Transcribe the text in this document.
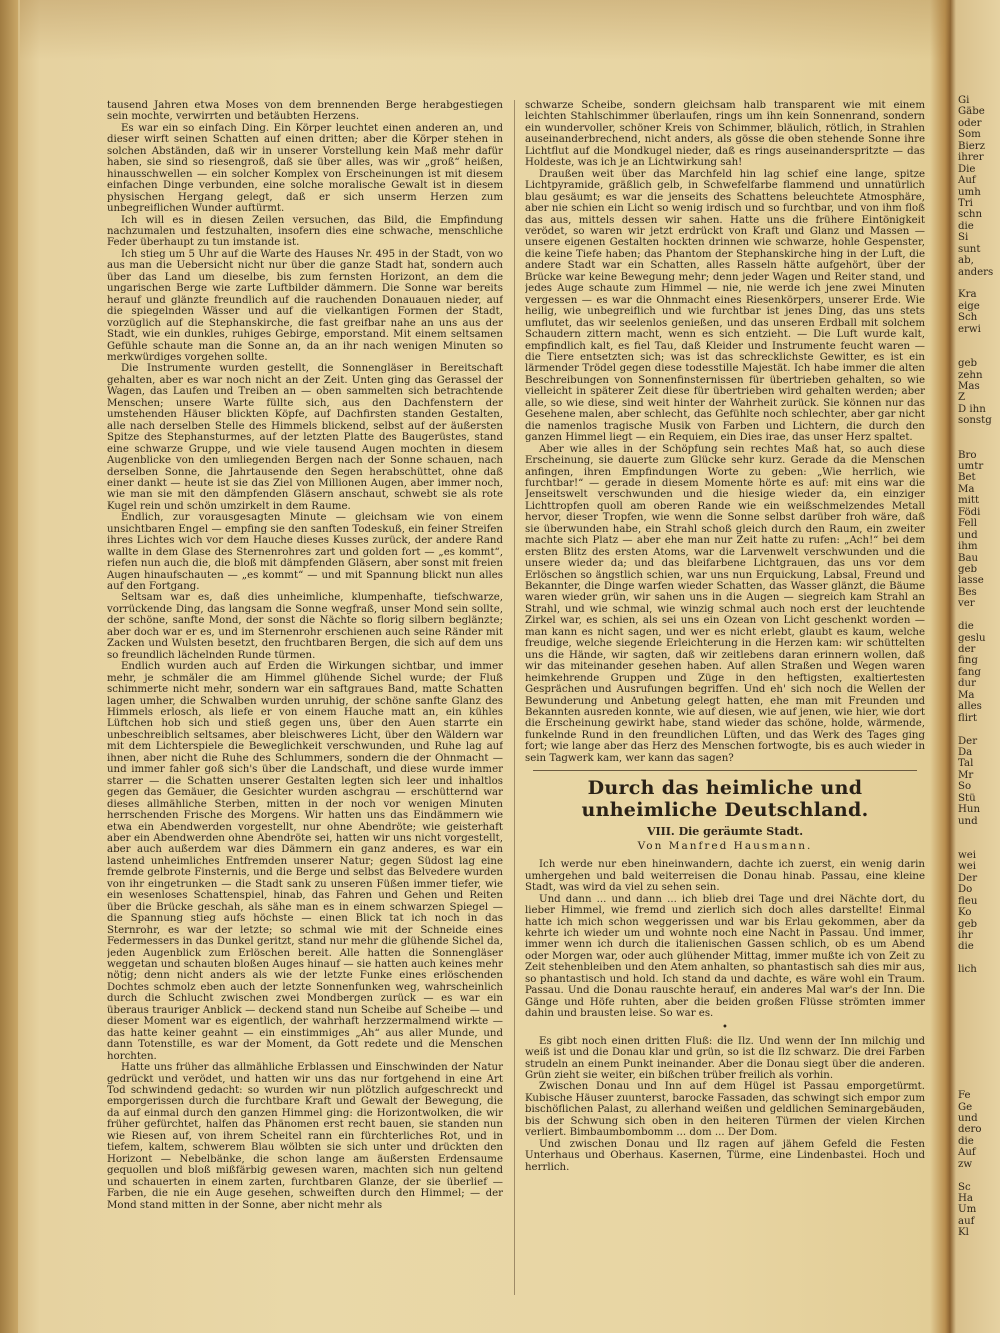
tausend Jahren etwa Moses von dem brennenden Berge herabgestiegen sein mochte, verwirrten und betäubten Herzens.

Es war ein so einfach Ding. Ein Körper leuchtet einen anderen an, und dieser wirft seinen Schatten auf einen dritten; aber die Körper stehen in solchen Abständen, daß wir in unserer Vorstellung kein Maß mehr dafür haben, sie sind so riesengroß, daß sie über alles, was wir „groß“ heißen, hinausschwellen — ein solcher Komplex von Erscheinungen ist mit diesem einfachen Dinge verbunden, eine solche moralische Gewalt ist in diesem physischen Hergang gelegt, daß er sich unserm Herzen zum unbegreiflichen Wunder auftürmt.

Ich will es in diesen Zeilen versuchen, das Bild, die Empfindung nachzumalen und festzuhalten, insofern dies eine schwache, menschliche Feder überhaupt zu tun imstande ist.

Ich stieg um 5 Uhr auf die Warte des Hauses Nr. 495 in der Stadt, von wo aus man die Uebersicht nicht nur über die ganze Stadt hat, sondern auch über das Land um dieselbe, bis zum fernsten Horizont, an dem die ungarischen Berge wie zarte Luftbilder dämmern. Die Sonne war bereits herauf und glänzte freundlich auf die rauchenden Donauauen nieder, auf die spiegelnden Wässer und auf die vielkantigen Formen der Stadt, vorzüglich auf die Stephanskirche, die fast greifbar nahe an uns aus der Stadt, wie ein dunkles, ruhiges Gebirge, emporstand. Mit einem seltsamen Gefühle schaute man die Sonne an, da an ihr nach wenigen Minuten so merkwürdiges vorgehen sollte.

Die Instrumente wurden gestellt, die Sonnengläser in Bereitschaft gehalten, aber es war noch nicht an der Zeit. Unten ging das Gerassel der Wagen, das Laufen und Treiben an — oben sammelten sich betrachtende Menschen; unsere Warte füllte sich, aus den Dachfenstern der umstehenden Häuser blickten Köpfe, auf Dachfirsten standen Gestalten, alle nach derselben Stelle des Himmels blickend, selbst auf der äußersten Spitze des Stephansturmes, auf der letzten Platte des Baugerüstes, stand eine schwarze Gruppe, und wie viele tausend Augen mochten in diesem Augenblicke von den umliegenden Bergen nach der Sonne schauen, nach derselben Sonne, die Jahrtausende den Segen herabschüttet, ohne daß einer dankt — heute ist sie das Ziel von Millionen Augen, aber immer noch, wie man sie mit den dämpfenden Gläsern anschaut, schwebt sie als rote Kugel rein und schön umzirkelt in dem Raume.

Endlich, zur vorausgesagten Minute — gleichsam wie von einem unsichtbaren Engel — empfing sie den sanften Todeskuß, ein feiner Streifen ihres Lichtes wich vor dem Hauche dieses Kusses zurück, der andere Rand wallte in dem Glase des Sternenrohres zart und golden fort — „es kommt“, riefen nun auch die, die bloß mit dämpfenden Gläsern, aber sonst mit freien Augen hinaufschauten — „es kommt“ — und mit Spannung blickt nun alles auf den Fortgang.

Seltsam war es, daß dies unheimliche, klumpenhafte, tiefschwarze, vorrückende Ding, das langsam die Sonne wegfraß, unser Mond sein sollte, der schöne, sanfte Mond, der sonst die Nächte so florig silbern beglänzte; aber doch war er es, und im Sternenrohr erschienen auch seine Ränder mit Zacken und Wulsten besetzt, den fruchtbaren Bergen, die sich auf dem uns so freundlich lächelnden Runde türmen.

Endlich wurden auch auf Erden die Wirkungen sichtbar, und immer mehr, je schmäler die am Himmel glühende Sichel wurde; der Fluß schimmerte nicht mehr, sondern war ein saftgraues Band, matte Schatten lagen umher, die Schwalben wurden unruhig, der schöne sanfte Glanz des Himmels erlosch, als liefe er von einem Hauche matt an, ein kühles Lüftchen hob sich und stieß gegen uns, über den Auen starrte ein unbeschreiblich seltsames, aber bleischweres Licht, über den Wäldern war mit dem Lichterspiele die Beweglichkeit verschwunden, und Ruhe lag auf ihnen, aber nicht die Ruhe des Schlummers, sondern die der Ohnmacht — und immer fahler goß sich's über die Landschaft, und diese wurde immer starrer — die Schatten unserer Gestalten legten sich leer und inhaltlos gegen das Gemäuer, die Gesichter wurden aschgrau — erschütternd war dieses allmähliche Sterben, mitten in der noch vor wenigen Minuten herrschenden Frische des Morgens. Wir hatten uns das Eindämmern wie etwa ein Abendwerden vorgestellt, nur ohne Abendröte; wie geisterhaft aber ein Abendwerden ohne Abendröte sei, hatten wir uns nicht vorgestellt, aber auch außerdem war dies Dämmern ein ganz anderes, es war ein lastend unheimliches Entfremden unserer Natur; gegen Südost lag eine fremde gelbrote Finsternis, und die Berge und selbst das Belvedere wurden von ihr eingetrunken — die Stadt sank zu unseren Füßen immer tiefer, wie ein wesenloses Schattenspiel, hinab, das Fahren und Gehen und Reiten über die Brücke geschah, als sähe man es in einem schwarzen Spiegel — die Spannung stieg aufs höchste — einen Blick tat ich noch in das Sternrohr, es war der letzte; so schmal wie mit der Schneide eines Federmessers in das Dunkel geritzt, stand nur mehr die glühende Sichel da, jeden Augenblick zum Erlöschen bereit. Alle hatten die Sonnengläser weggetan und schauten bloßen Auges hinauf — sie hatten auch keines mehr nötig; denn nicht anders als wie der letzte Funke eines erlöschenden Dochtes schmolz eben auch der letzte Sonnenfunken weg, wahrscheinlich durch die Schlucht zwischen zwei Mondbergen zurück — es war ein überaus trauriger Anblick — deckend stand nun Scheibe auf Scheibe — und dieser Moment war es eigentlich, der wahrhaft herzzermalmend wirkte — das hatte keiner geahnt — ein einstimmiges „Ah“ aus aller Munde, und dann Totenstille, es war der Moment, da Gott redete und die Menschen horchten.

Hatte uns früher das allmähliche Erblassen und Einschwinden der Natur gedrückt und verödet, und hatten wir uns das nur fortgehend in eine Art Tod schwindend gedacht: so wurden wir nun plötzlich aufgeschreckt und emporgerissen durch die furchtbare Kraft und Gewalt der Bewegung, die da auf einmal durch den ganzen Himmel ging: die Horizontwolken, die wir früher gefürchtet, halfen das Phänomen erst recht bauen, sie standen nun wie Riesen auf, von ihrem Scheitel rann ein fürchterliches Rot, und in tiefem, kaltem, schwerem Blau wölbten sie sich unter und drückten den Horizont — Nebelbänke, die schon lange am äußersten Erdensaume gequollen und bloß mißfärbig gewesen waren, machten sich nun geltend und schauerten in einem zarten, furchtbaren Glanze, der sie überlief — Farben, die nie ein Auge gesehen, schweiften durch den Himmel; — der Mond stand mitten in der Sonne, aber nicht mehr als

schwarze Scheibe, sondern gleichsam halb transparent wie mit einem leichten Stahlschimmer überlaufen, rings um ihn kein Sonnenrand, sondern ein wundervoller, schöner Kreis von Schimmer, bläulich, rötlich, in Strahlen auseinanderbrechend, nicht anders, als gösse die oben stehende Sonne ihre Lichtflut auf die Mondkugel nieder, daß es rings auseinanderspritzte — das Holdeste, was ich je an Lichtwirkung sah!

Draußen weit über das Marchfeld hin lag schief eine lange, spitze Lichtpyramide, gräßlich gelb, in Schwefelfarbe flammend und unnatürlich blau gesäumt; es war die jenseits des Schattens beleuchtete Atmosphäre, aber nie schien ein Licht so wenig irdisch und so furchtbar, und von ihm floß das aus, mittels dessen wir sahen. Hatte uns die frühere Eintönigkeit verödet, so waren wir jetzt erdrückt von Kraft und Glanz und Massen — unsere eigenen Gestalten hockten drinnen wie schwarze, hohle Gespenster, die keine Tiefe haben; das Phantom der Stephanskirche hing in der Luft, die andere Stadt war ein Schatten, alles Rasseln hätte aufgehört, über der Brücke war keine Bewegung mehr; denn jeder Wagen und Reiter stand, und jedes Auge schaute zum Himmel — nie, nie werde ich jene zwei Minuten vergessen — es war die Ohnmacht eines Riesenkörpers, unserer Erde. Wie heilig, wie unbegreiflich und wie furchtbar ist jenes Ding, das uns stets umflutet, das wir seelenlos genießen, und das unseren Erdball mit solchem Schaudern zittern macht, wenn es sich entzieht. — Die Luft wurde kalt, empfindlich kalt, es fiel Tau, daß Kleider und Instrumente feucht waren — die Tiere entsetzten sich; was ist das schrecklichste Gewitter, es ist ein lärmender Trödel gegen diese todesstille Majestät. Ich habe immer die alten Beschreibungen von Sonnenfinsternissen für übertrieben gehalten, so wie vielleicht in späterer Zeit diese für übertrieben wird gehalten werden; aber alle, so wie diese, sind weit hinter der Wahrheit zurück. Sie können nur das Gesehene malen, aber schlecht, das Gefühlte noch schlechter, aber gar nicht die namenlos tragische Musik von Farben und Lichtern, die durch den ganzen Himmel liegt — ein Requiem, ein Dies irae, das unser Herz spaltet.

Aber wie alles in der Schöpfung sein rechtes Maß hat, so auch diese Erscheinung, sie dauerte zum Glücke sehr kurz. Gerade da die Menschen anfingen, ihren Empfindungen Worte zu geben: „Wie herrlich, wie furchtbar!“ — gerade in diesem Momente hörte es auf: mit eins war die Jenseitswelt verschwunden und die hiesige wieder da, ein einziger Lichttropfen quoll am oberen Rande wie ein weißschmelzendes Metall hervor, dieser Tropfen, wie wenn die Sonne selbst darüber froh wäre, daß sie überwunden habe, ein Strahl schoß gleich durch den Raum, ein zweiter machte sich Platz — aber ehe man nur Zeit hatte zu rufen: „Ach!“ bei dem ersten Blitz des ersten Atoms, war die Larvenwelt verschwunden und die unsere wieder da; und das bleifarbene Lichtgrauen, das uns vor dem Erlöschen so ängstlich schien, war uns nun Erquickung, Labsal, Freund und Bekannter, die Dinge warfen wieder Schatten, das Wasser glänzt, die Bäume waren wieder grün, wir sahen uns in die Augen — siegreich kam Strahl an Strahl, und wie schmal, wie winzig schmal auch noch erst der leuchtende Zirkel war, es schien, als sei uns ein Ozean von Licht geschenkt worden — man kann es nicht sagen, und wer es nicht erlebt, glaubt es kaum, welche freudige, welche siegende Erleichterung in die Herzen kam: wir schüttelten uns die Hände, wir sagten, daß wir zeitlebens daran erinnern wollen, daß wir das miteinander gesehen haben. Auf allen Straßen und Wegen waren heimkehrende Gruppen und Züge in den heftigsten, exaltiertesten Gesprächen und Ausrufungen begriffen. Und eh' sich noch die Wellen der Bewunderung und Anbetung gelegt hatten, ehe man mit Freunden und Bekannten ausreden konnte, wie auf diesen, wie auf jenen, wie hier, wie dort die Erscheinung gewirkt habe, stand wieder das schöne, holde, wärmende, funkelnde Rund in den freundlichen Lüften, und das Werk des Tages ging fort; wie lange aber das Herz des Menschen fortwogte, bis es auch wieder in sein Tagwerk kam, wer kann das sagen?

Durch das heimliche und unheimliche Deutschland.
VIII. Die geräumte Stadt.
Von Manfred Hausmann.

Ich werde nur eben hineinwandern, dachte ich zuerst, ein wenig darin umhergehen und bald weiterreisen die Donau hinab. Passau, eine kleine Stadt, was wird da viel zu sehen sein.

Und dann ... und dann ... ich blieb drei Tage und drei Nächte dort, du lieber Himmel, wie fremd und zierlich sich doch alles darstellte! Einmal hatte ich mich schon weggerissen und war bis Erlau gekommen, aber da kehrte ich wieder um und wohnte noch eine Nacht in Passau. Und immer, immer wenn ich durch die italienischen Gassen schlich, ob es um Abend oder Morgen war, oder auch glühender Mittag, immer mußte ich von Zeit zu Zeit stehenbleiben und den Atem anhalten, so phantastisch sah dies mir aus, so phantastisch und hold. Ich stand da und dachte, es wäre wohl ein Traum. Passau. Und die Donau rauschte herauf, ein anderes Mal war's der Inn. Die Gänge und Höfe ruhten, aber die beiden großen Flüsse strömten immer dahin und brausten leise. So war es.

•

Es gibt noch einen dritten Fluß: die Ilz. Und wenn der Inn milchig und weiß ist und die Donau klar und grün, so ist die Ilz schwarz. Die drei Farben strudeln an einem Punkt ineinander. Aber die Donau siegt über die anderen. Grün zieht sie weiter, ein bißchen trüber freilich als vorhin.

Zwischen Donau und Inn auf dem Hügel ist Passau emporgetürmt. Kubische Häuser zuunterst, barocke Fassaden, das schwingt sich empor zum bischöflichen Palast, zu allerhand weißen und geldlichen Seminargebäuden, bis der Schwung sich oben in den heiteren Türmen der vielen Kirchen verliert. Bimbaumbombomm ... dom ... Der Dom.

Und zwischen Donau und Ilz ragen auf jähem Gefeld die Festen Unterhaus und Oberhaus. Kasernen, Türme, eine Lindenbastei. Hoch und herrlich.

Gi
Gäbe
oder
Som
Bierz
ihrer
Die
Auf
umh
Tri
schn
die
Si
sunt
ab,
anders
Kra
eige
Sch
erwi
geb
zehn
Mas
Z
D ihn
sonstg
Bro
umtr
Bet
Ma
mitt
Födi
Fell
und
ihm
Bau
geb
lasse
Bes
ver
die
geslu
der
fing
fang
dur
Ma
alles
flirt
Der
Da
Tal
Mr
So
Stü
Hun
und
wei
wei
Der
Do
fleu
Ko
geb
ihr
die
lich
Fe
Ge
und
dero
die
Auf
zw
Sc
Ha
Um
auf
Kl
